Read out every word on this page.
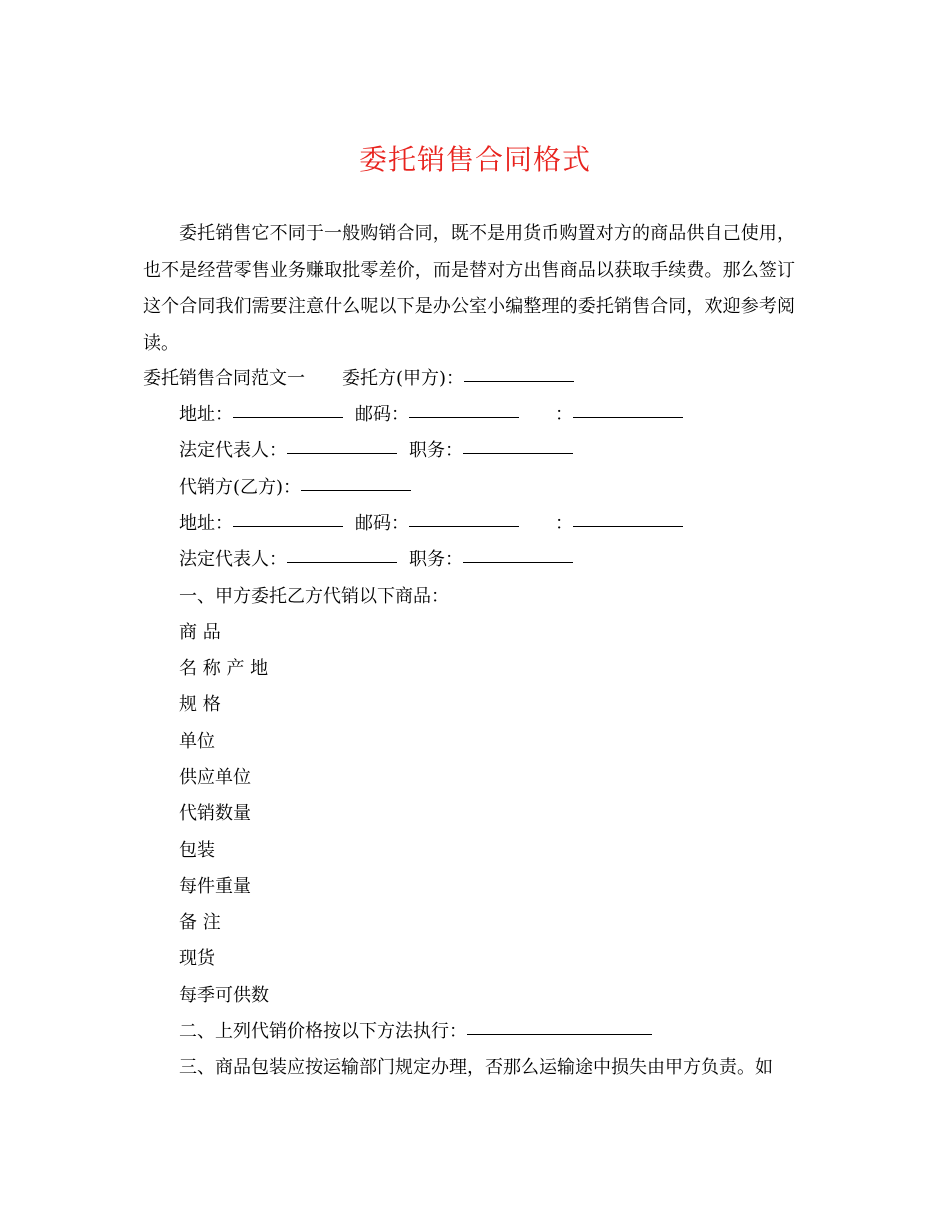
委托销售合同格式

委托销售它不同于一般购销合同，既不是用货币购置对方的商品供自己使用，也不是经营零售业务赚取批零差价，而是替对方出售商品以获取手续费。那么签订这个合同我们需要注意什么呢以下是办公室小编整理的委托销售合同，欢迎参考阅读。

委托销售合同范文一 委托方(甲方)：
地址：	邮码：	：
法定代表人：	职务：
代销方(乙方)：
地址：	邮码：	：
法定代表人：	职务：
一、甲方委托乙方代销以下商品：
商 品
名 称 产 地
规 格
单位
供应单位
代销数量
包装
每件重量
备 注
现货
每季可供数
二、上列代销价格按以下方法执行：
三、商品包装应按运输部门规定办理，否那么运输途中损失由甲方负责。如
